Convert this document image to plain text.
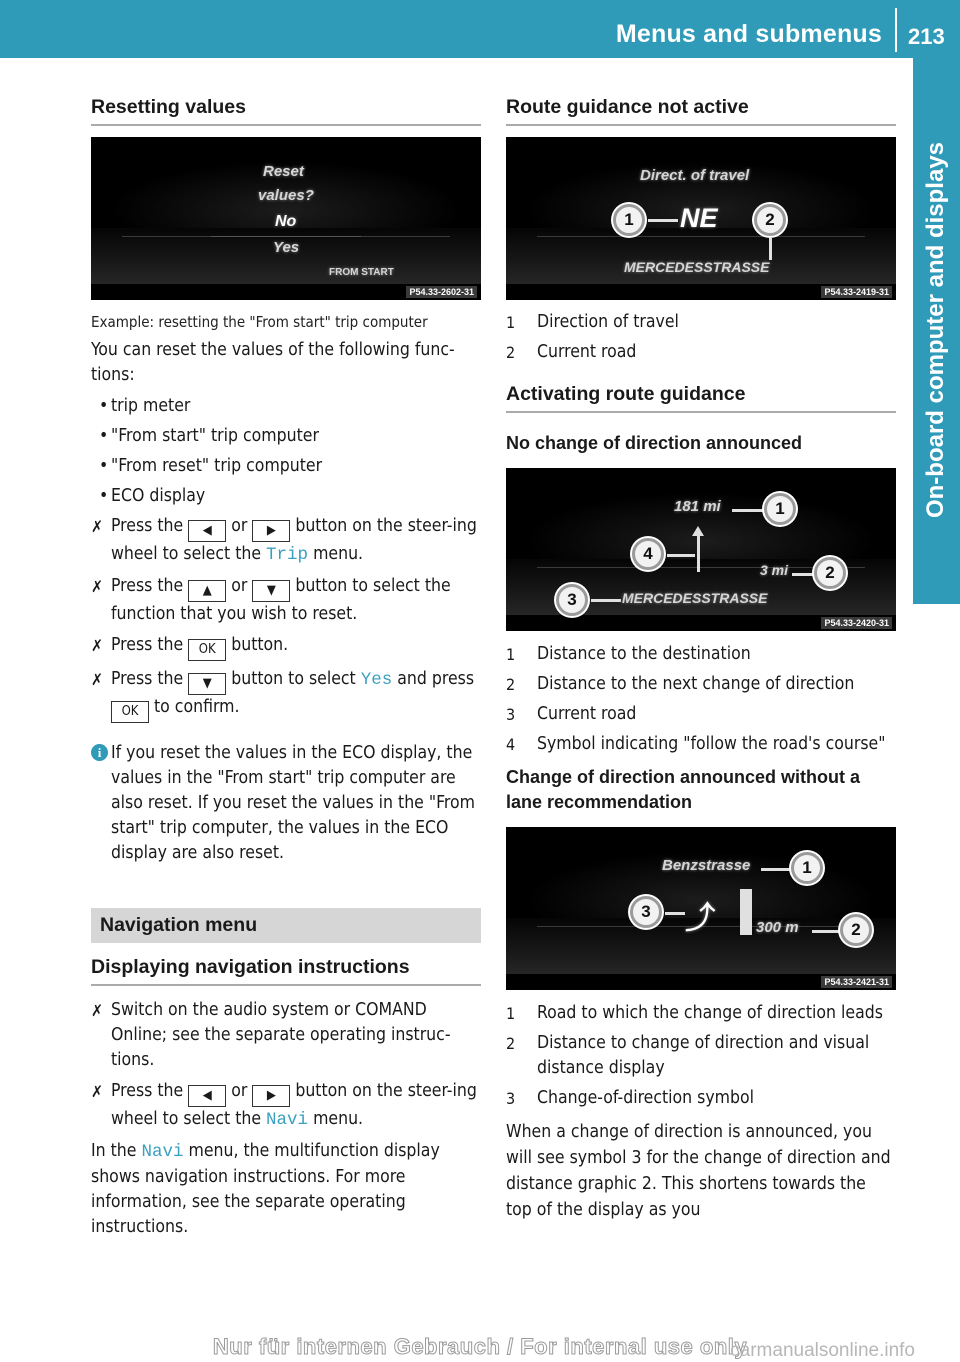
Menus and submenus 213
On-board computer and displays
Resetting values
Reset
values?
No
Yes
FROM START
P54.33-2602-31

Example: resetting the "From start" trip computer

You can reset the values of the following func-tions:

• trip meter
• "From start" trip computer
• "From reset" trip computer
• ECO display
✗ Press the ◀ or ▶ button on the steer-ing wheel to select the Trip menu.
✗ Press the ▲ or ▼ button to select the function that you wish to reset.
✗ Press the OK button.
✗ Press the ▼ button to select Yes and press OK to confirm.
i If you reset the values in the ECO display, the values in the "From start" trip computer are also reset. If you reset the values in the "From start" trip computer, the values in the ECO display are also reset.

Navigation menu
Displaying navigation instructions
✗ Switch on the audio system or COMAND Online; see the separate operating instruc-tions.
✗ Press the ◀ or ▶ button on the steer-ing wheel to select the Navi menu.

In the Navi menu, the multifunction display shows navigation instructions. For more information, see the separate operating instructions.

Route guidance not active
Direct. of travel
1	NE	2
MERCEDESSTRASSE
P54.33-2419-31
1 Direction of travel
2 Current road
Activating route guidance
No change of direction announced
181 mi	1
4
3 mi	2
3	MERCEDESSTRASSE
P54.33-2420-31
1 Distance to the destination
2 Distance to the next change of direction
3 Current road
4 Symbol indicating "follow the road's course"
Change of direction announced without a lane recommendation
Benzstrasse	1
3	⤴	300 m	2
P54.33-2421-31
1 Road to which the change of direction leads
2 Distance to change of direction and visual distance display
3 Change-of-direction symbol

When a change of direction is announced, you will see symbol 3 for the change of direction and distance graphic 2. This shortens towards the top of the display as you

Nur für internen Gebrauch / For internal use only
carmanualsonline.info
